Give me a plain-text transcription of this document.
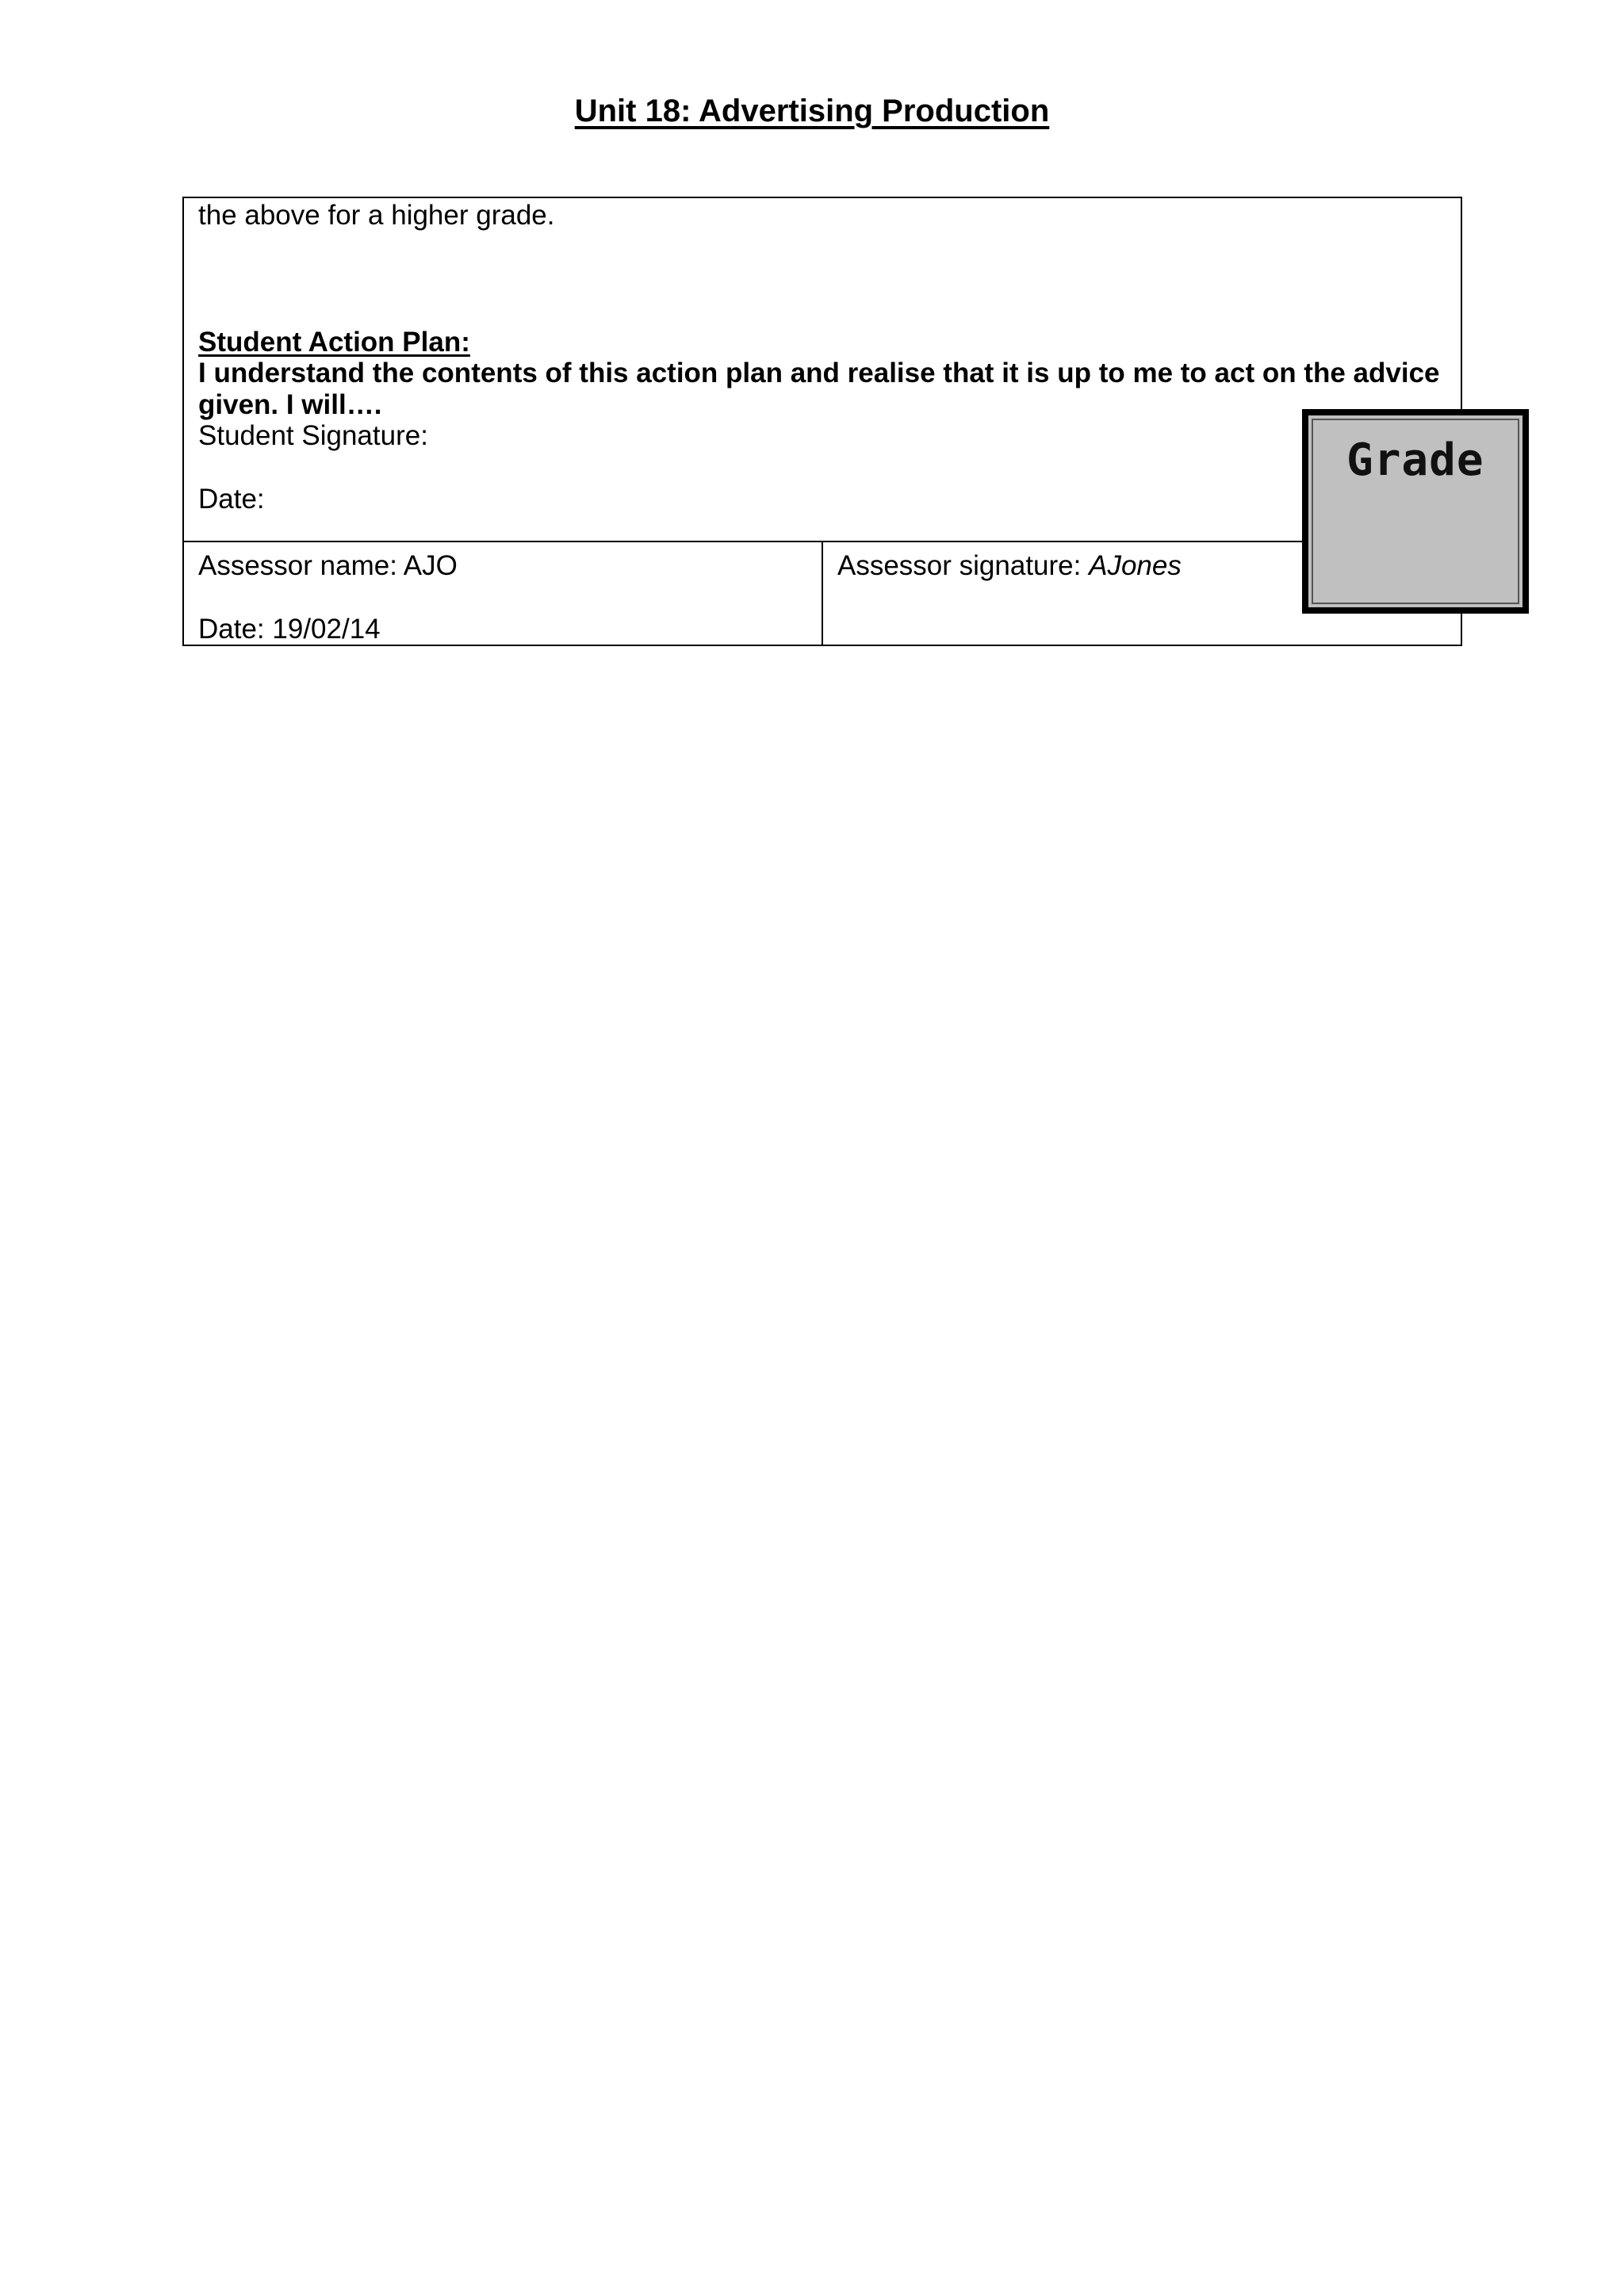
Unit 18: Advertising Production
the above for a higher grade.
Student Action Plan:
I understand the contents of this action plan and realise that it is up to me to act on the advice given. I will….
Student Signature:
Date:

Assessor name: AJO
Date: 19/02/14

Assessor signature: AJones
Grade
